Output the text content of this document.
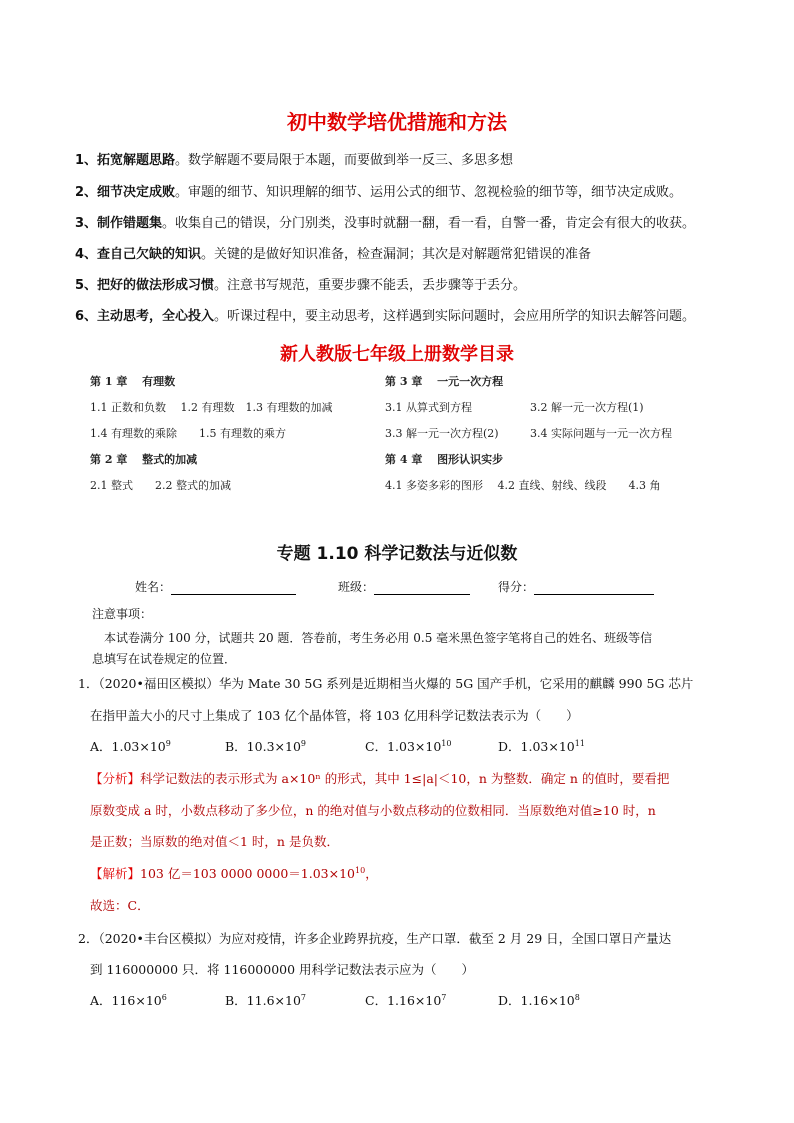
初中数学培优措施和方法
1、拓宽解题思路。数学解题不要局限于本题，而要做到举一反三、多思多想
2、细节决定成败。审题的细节、知识理解的细节、运用公式的细节、忽视检验的细节等，细节决定成败。
3、制作错题集。收集自己的错误，分门别类，没事时就翻一翻，看一看，自警一番，肯定会有很大的收获。
4、查自己欠缺的知识。关键的是做好知识准备，检查漏洞；其次是对解题常犯错误的准备
5、把好的做法形成习惯。注意书写规范，重要步骤不能丢，丢步骤等于丢分。
6、主动思考，全心投入。听课过程中，要主动思考，这样遇到实际问题时，会应用所学的知识去解答问题。
新人教版七年级上册数学目录
第 1 章　 有理数
1.1 正数和负数　 1.2 有理数　1.3 有理数的加减
1.4 有理数的乘除　　1.5 有理数的乘方
第 2 章　 整式的加减
2.1 整式　　2.2 整式的加减
第 3 章　 一元一次方程
3.1 从算式到方程	3.2 解一元一次方程(1)
3.3 解一元一次方程(2)	3.4 实际问题与一元一次方程
第 4 章　 图形认识实步
4.1 多姿多彩的图形　 4.2 直线、射线、线段　　4.3 角
专题 1.10 科学记数法与近似数
姓名：	班级：	得分：
注意事项：
本试卷满分 100 分，试题共 20 题．答卷前，考生务必用 0.5 毫米黑色签字笔将自己的姓名、班级等信
息填写在试卷规定的位置．
1．（2020•福田区模拟）华为 Mate 30 5G 系列是近期相当火爆的 5G 国产手机，它采用的麒麟 990 5G 芯片
在指甲盖大小的尺寸上集成了 103 亿个晶体管，将 103 亿用科学记数法表示为（　　）
A．$1.03\times 10^9$	B．$10.3\times 10^9$	C．$1.03\times 10^{10}$	D．$1.03\times 10^{11}$
【分析】科学记数法的表示形式为 a×10ⁿ 的形式，其中 1≤|a|＜10，n 为整数．确定 n 的值时，要看把
原数变成 a 时，小数点移动了多少位，n 的绝对值与小数点移动的位数相同．当原数绝对值≥10 时，n
是正数；当原数的绝对值＜1 时，n 是负数．
【解析】103 亿＝103 0000 $0000=1.03\times 10^{10}$，
故选：C．
2．（2020•丰台区模拟）为应对疫情，许多企业跨界抗疫，生产口罩．截至 2 月 29 日，全国口罩日产量达
到 116000000 只．将 116000000 用科学记数法表示应为（　　）
A．$116\times 10^6$	B．$11.6\times 10^7$	C．$1.16\times 10^7$	D．$1.16\times 10^8$
